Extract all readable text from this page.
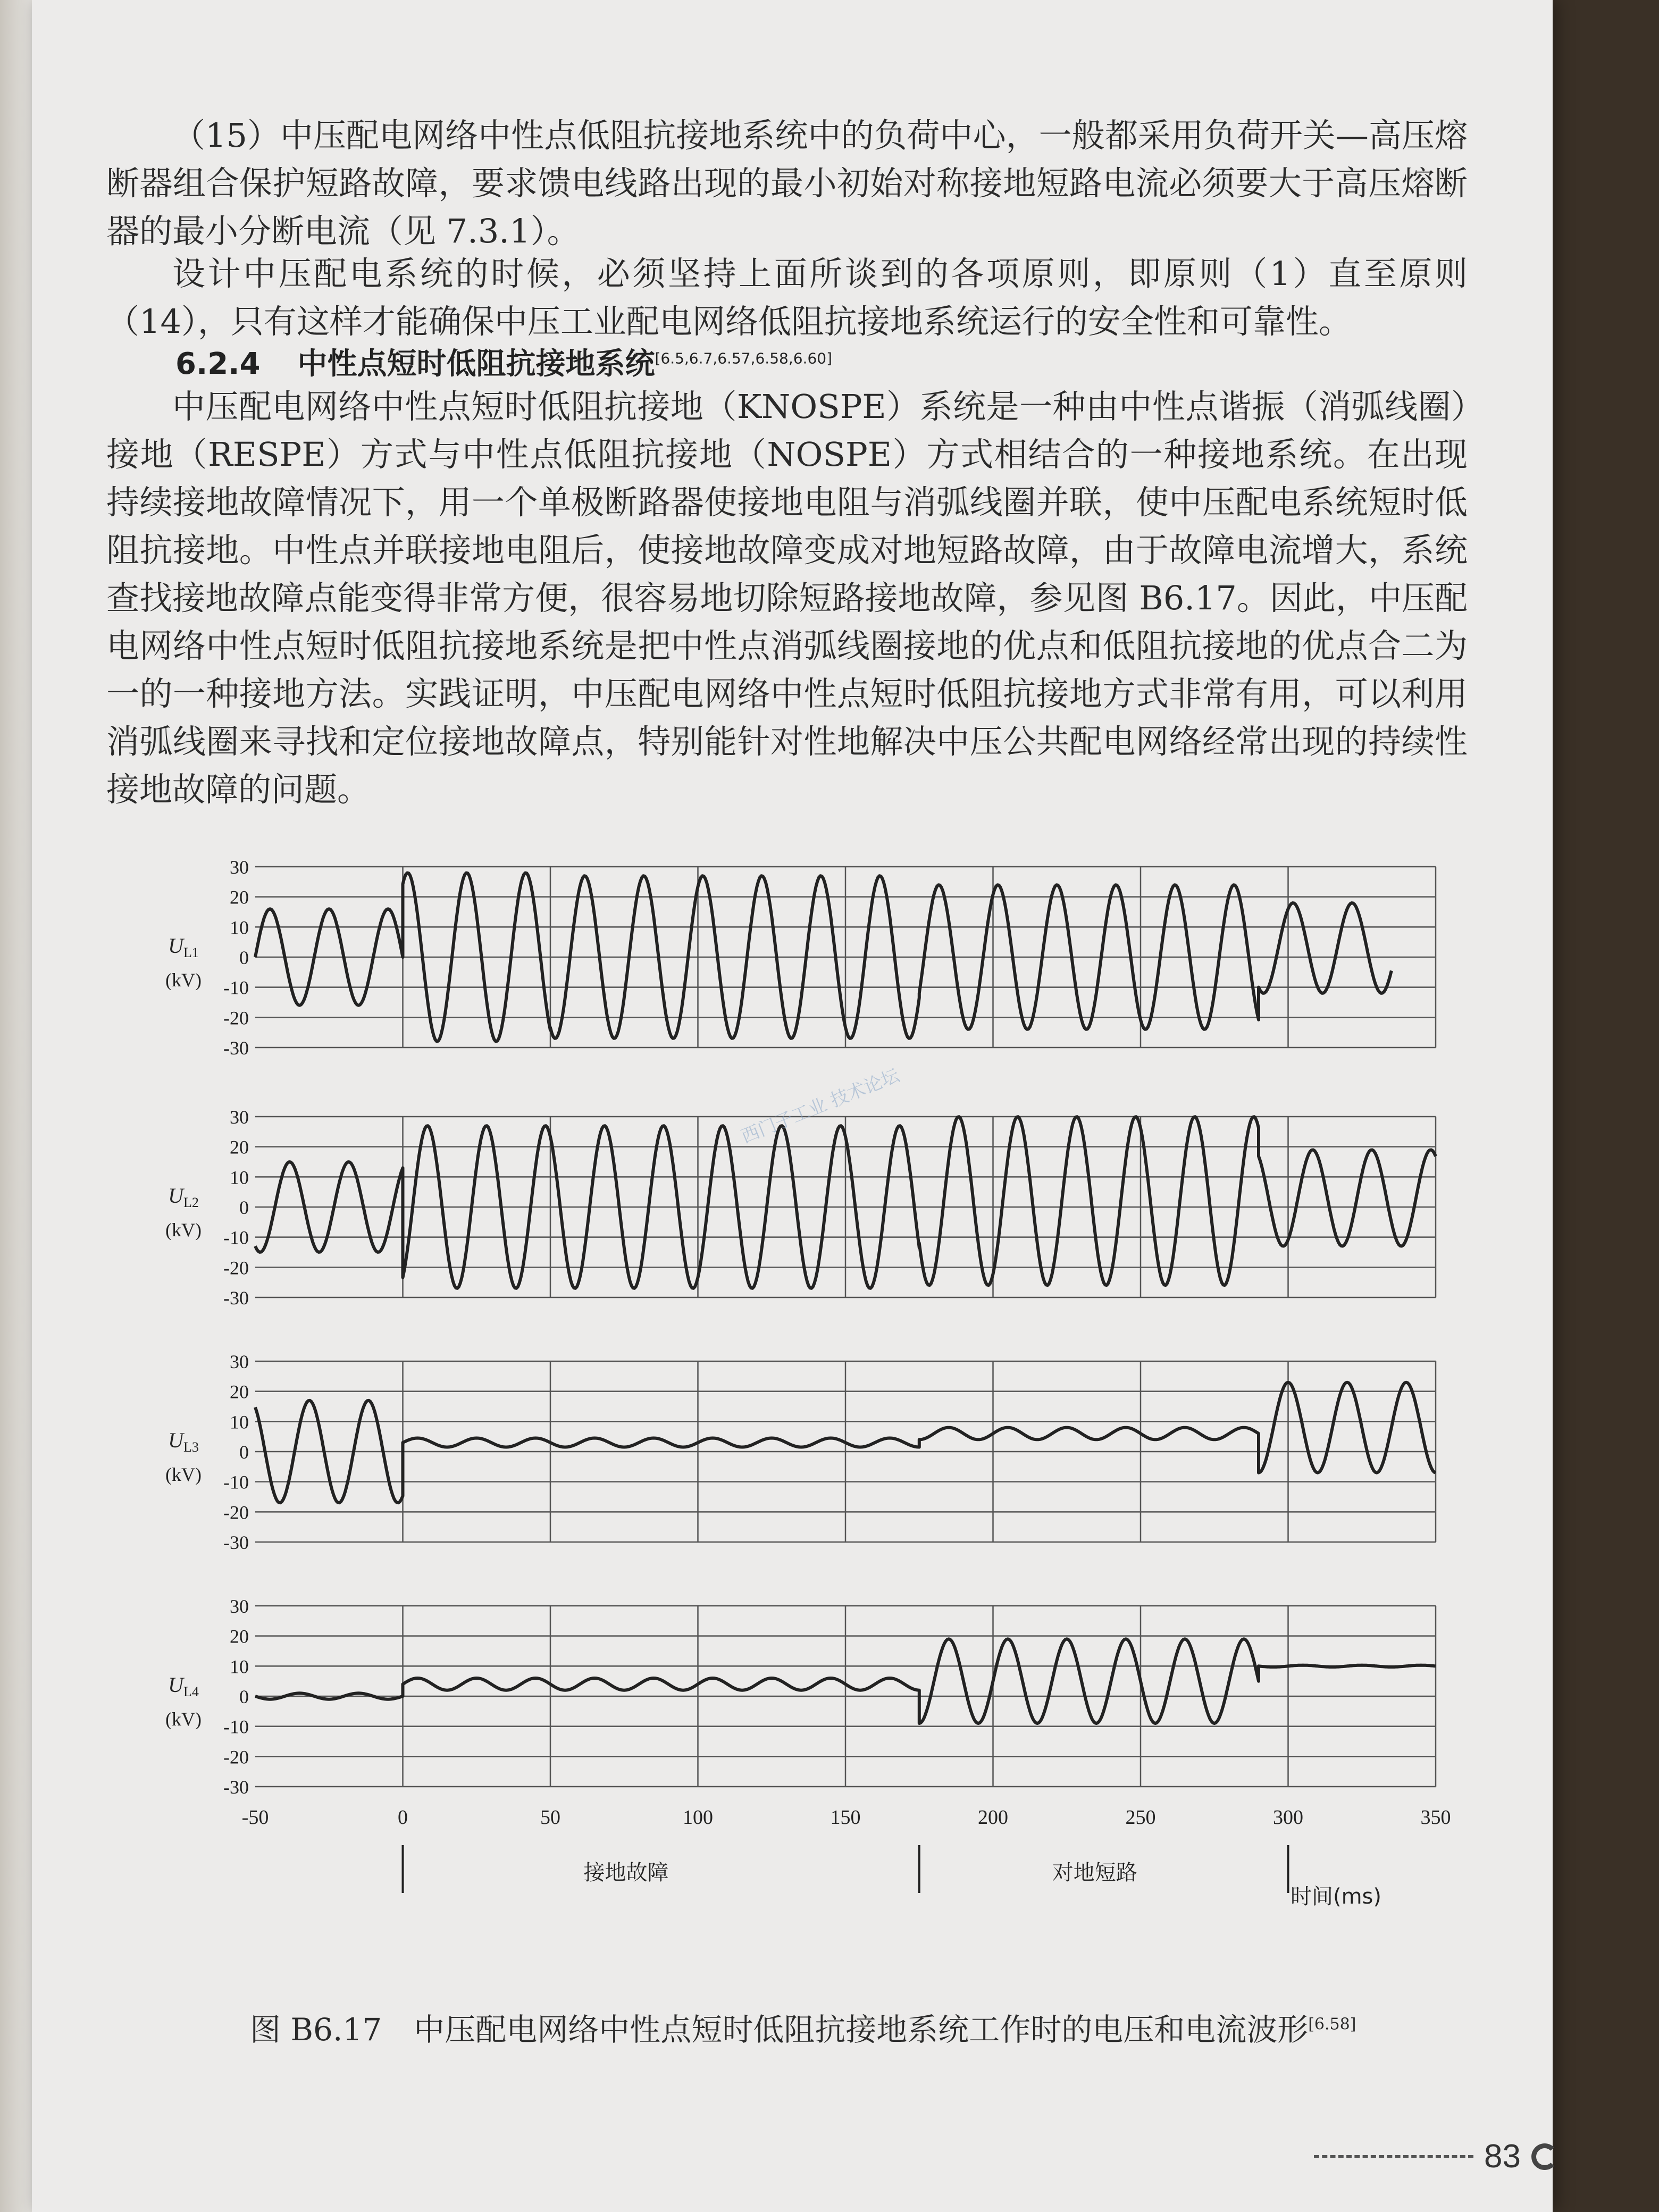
（15）中压配电网络中性点低阻抗接地系统中的负荷中心，一般都采用负荷开关—高压熔断器组合保护短路故障，要求馈电线路出现的最小初始对称接地短路电流必须要大于高压熔断器的最小分断电流（见 7.3.1）。

设计中压配电系统的时候，必须坚持上面所谈到的各项原则，即原则（1）直至原则（14），只有这样才能确保中压工业配电网络低阻抗接地系统运行的安全性和可靠性。

6.2.4 中性点短时低阻抗接地系统[6.5,6.7,6.57,6.58,6.60]

中压配电网络中性点短时低阻抗接地（KNOSPE）系统是一种由中性点谐振（消弧线圈）接地（RESPE）方式与中性点低阻抗接地（NOSPE）方式相结合的一种接地系统。在出现持续接地故障情况下，用一个单极断路器使接地电阻与消弧线圈并联，使中压配电系统短时低阻抗接地。中性点并联接地电阻后，使接地故障变成对地短路故障，由于故障电流增大，系统查找接地故障点能变得非常方便，很容易地切除短路接地故障，参见图 B6.17。因此，中压配电网络中性点短时低阻抗接地系统是把中性点消弧线圈接地的优点和低阻抗接地的优点合二为一的一种接地方法。实践证明，中压配电网络中性点短时低阻抗接地方式非常有用，可以利用消弧线圈来寻找和定位接地故障点，特别能针对性地解决中压公共配电网络经常出现的持续性接地故障的问题。

30
20
10
0
-10
-20
-30
$U_{L1}$
(kV)
30
20
10
0
-10
-20
-30
$U_{L2}$
(kV)
30
20
10
0
-10
-20
-30
$U_{L3}$
(kV)
30
20
10
0
-10
-20
-30
$U_{L4}$
(kV)
-50	0	50	100	150	200	250	300	350
接地故障	对地短路
时间(ms)
西门子工业 技术论坛
图 B6.17 中压配电网络中性点短时低阻抗接地系统工作时的电压和电流波形[6.58]
83
